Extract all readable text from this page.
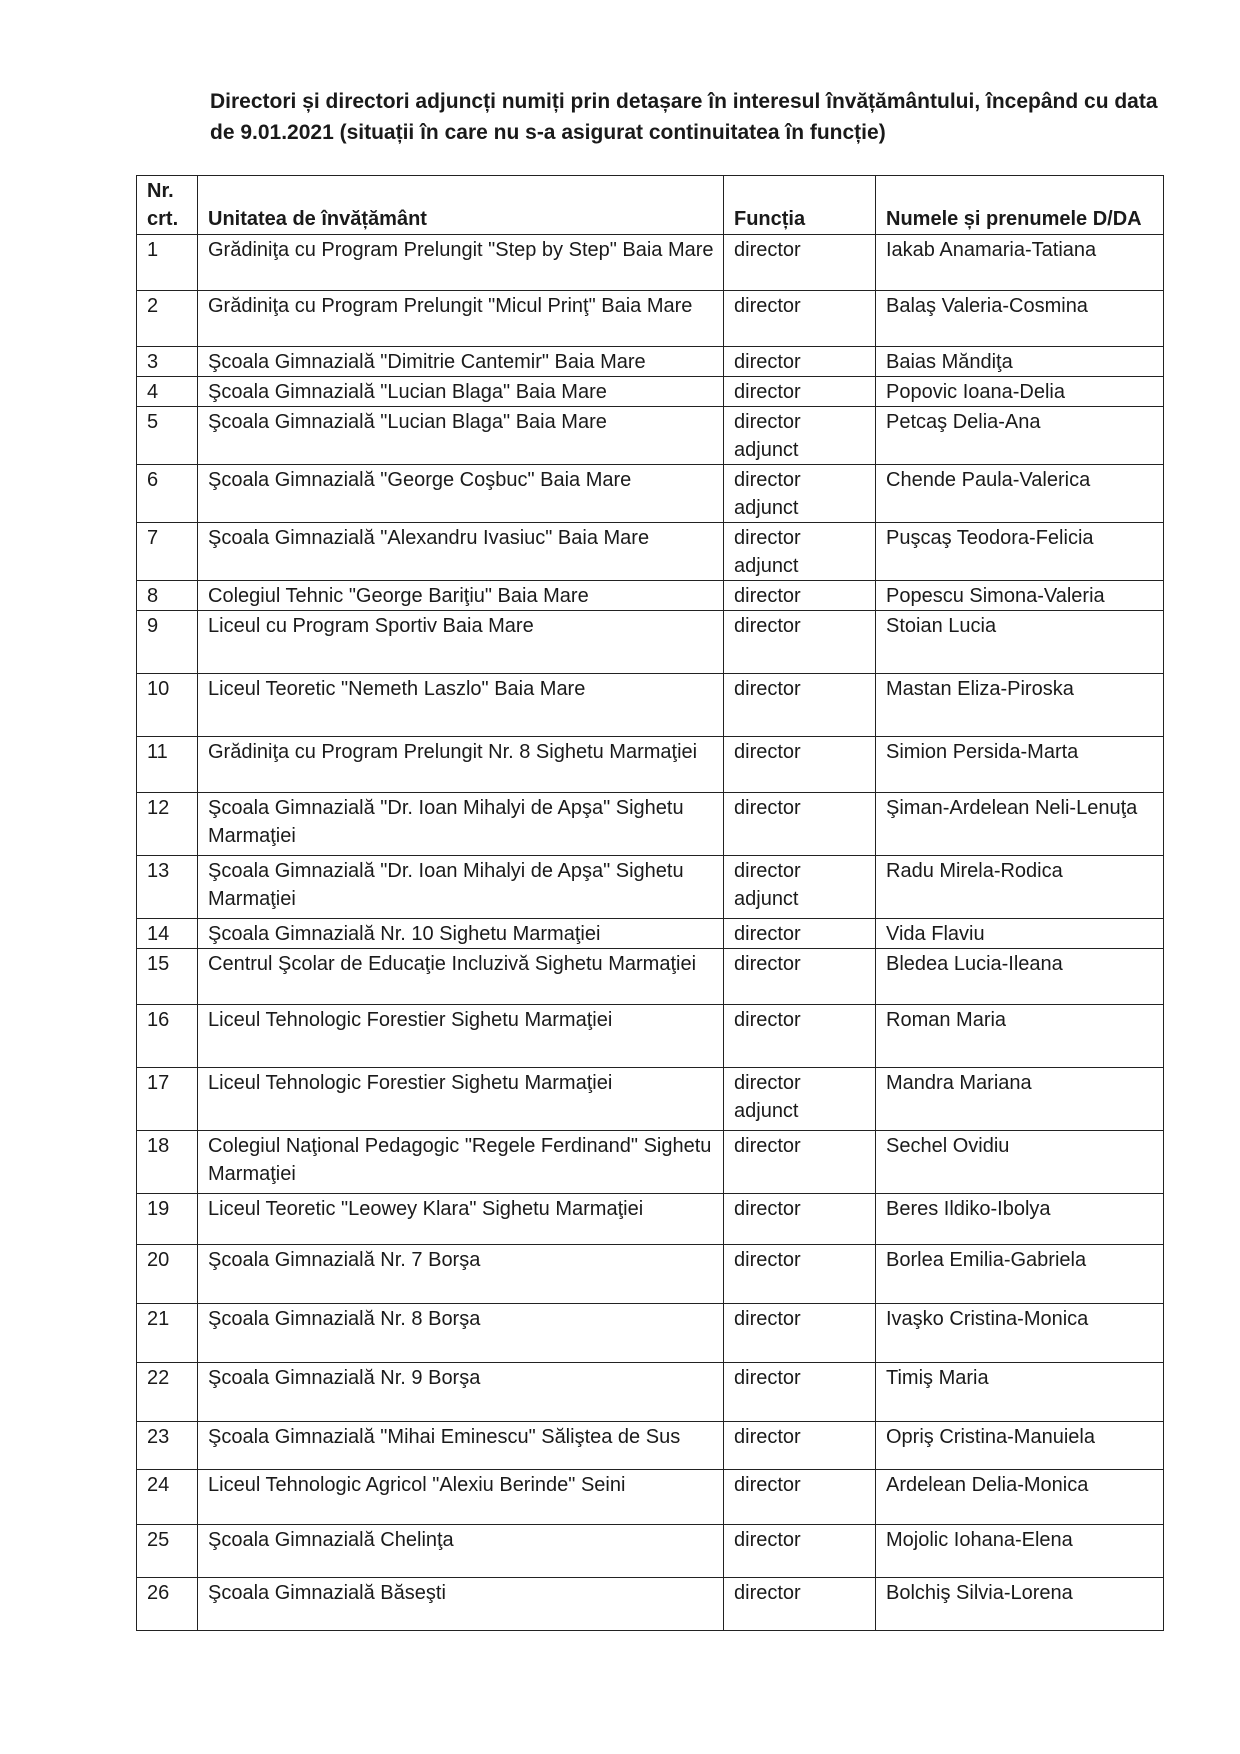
Directori și directori adjuncți numiți prin detașare în interesul învățământului, începând cu data de 9.01.2021 (situații în care nu s-a asigurat continuitatea în funcție)
Nr. crt.	Unitatea de învățământ	Funcția	Numele și prenumele D/DA
1	Grădiniţa cu Program Prelungit "Step by Step" Baia Mare	director	Iakab Anamaria-Tatiana
2	Grădiniţa cu Program Prelungit "Micul Prinţ" Baia Mare	director	Balaş Valeria-Cosmina
3	Şcoala Gimnazială "Dimitrie Cantemir" Baia Mare	director	Baias Măndiţa
4	Şcoala Gimnazială "Lucian Blaga" Baia Mare	director	Popovic Ioana-Delia
5	Şcoala Gimnazială "Lucian Blaga" Baia Mare	director adjunct	Petcaş Delia-Ana
6	Şcoala Gimnazială "George Coşbuc" Baia Mare	director adjunct	Chende Paula-Valerica
7	Şcoala Gimnazială "Alexandru Ivasiuc" Baia Mare	director adjunct	Puşcaş Teodora-Felicia
8	Colegiul Tehnic "George Bariţiu" Baia Mare	director	Popescu Simona-Valeria
9	Liceul cu Program Sportiv Baia Mare	director	Stoian Lucia
10	Liceul Teoretic "Nemeth Laszlo" Baia Mare	director	Mastan Eliza-Piroska
11	Grădiniţa cu Program Prelungit Nr. 8 Sighetu Marmaţiei	director	Simion Persida-Marta
12	Şcoala Gimnazială "Dr. Ioan Mihalyi de Apşa" Sighetu Marmaţiei	director	Şiman-Ardelean Neli-Lenuţa
13	Şcoala Gimnazială "Dr. Ioan Mihalyi de Apşa" Sighetu Marmaţiei	director adjunct	Radu Mirela-Rodica
14	Şcoala Gimnazială Nr. 10 Sighetu Marmaţiei	director	Vida Flaviu
15	Centrul Şcolar de Educaţie Incluzivă Sighetu Marmaţiei	director	Bledea Lucia-Ileana
16	Liceul Tehnologic Forestier Sighetu Marmaţiei	director	Roman Maria
17	Liceul Tehnologic Forestier Sighetu Marmaţiei	director adjunct	Mandra Mariana
18	Colegiul Naţional Pedagogic "Regele Ferdinand" Sighetu Marmaţiei	director	Sechel Ovidiu
19	Liceul Teoretic "Leowey Klara" Sighetu Marmaţiei	director	Beres Ildiko-Ibolya
20	Şcoala Gimnazială Nr. 7 Borşa	director	Borlea Emilia-Gabriela
21	Şcoala Gimnazială Nr. 8 Borşa	director	Ivaşko Cristina-Monica
22	Şcoala Gimnazială Nr. 9 Borşa	director	Timiş Maria
23	Şcoala Gimnazială "Mihai Eminescu" Săliştea de Sus	director	Opriş Cristina-Manuiela
24	Liceul Tehnologic Agricol "Alexiu Berinde" Seini	director	Ardelean Delia-Monica
25	Şcoala Gimnazială Chelinţa	director	Mojolic Iohana-Elena
26	Şcoala Gimnazială Băseşti	director	Bolchiş Silvia-Lorena
